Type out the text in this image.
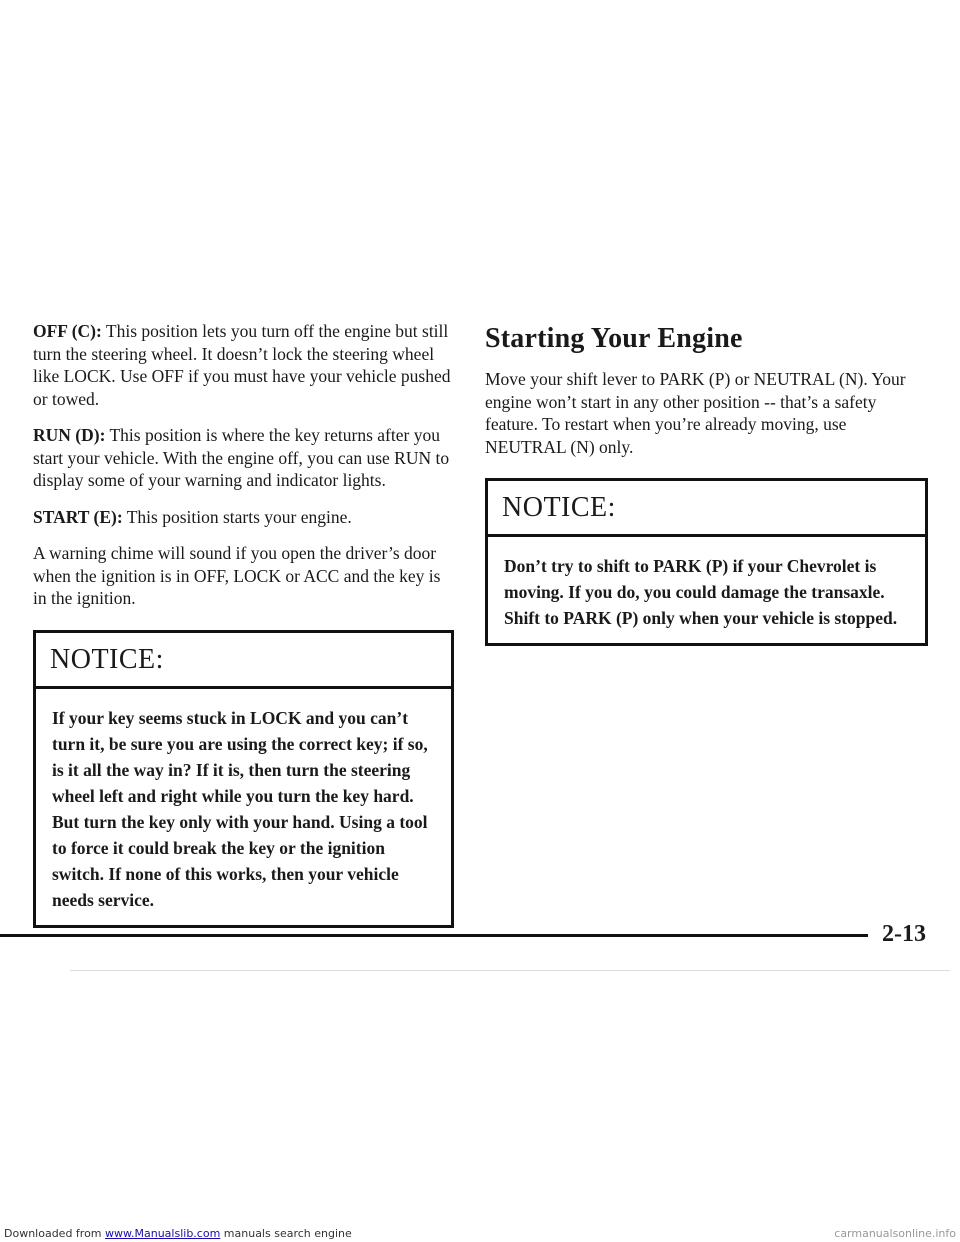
OFF (C): This position lets you turn off the engine but still turn the steering wheel. It doesn’t lock the steering wheel like LOCK. Use OFF if you must have your vehicle pushed or towed.

RUN (D): This position is where the key returns after you start your vehicle. With the engine off, you can use RUN to display some of your warning and indicator lights.

START (E): This position starts your engine.

A warning chime will sound if you open the driver’s door when the ignition is in OFF, LOCK or ACC and the key is in the ignition.

NOTICE:

If your key seems stuck in LOCK and you can’t turn it, be sure you are using the correct key; if so, is it all the way in? If it is, then turn the steering wheel left and right while you turn the key hard. But turn the key only with your hand. Using a tool to force it could break the key or the ignition switch. If none of this works, then your vehicle needs service.

Starting Your Engine

Move your shift lever to PARK (P) or NEUTRAL (N). Your engine won’t start in any other position -- that’s a safety feature. To restart when you’re already moving, use NEUTRAL (N) only.

NOTICE:

Don’t try to shift to PARK (P) if your Chevrolet is moving. If you do, you could damage the transaxle. Shift to PARK (P) only when your vehicle is stopped.

2-13
Downloaded from www.Manualslib.com manuals search engine	carmanualsonline.info
